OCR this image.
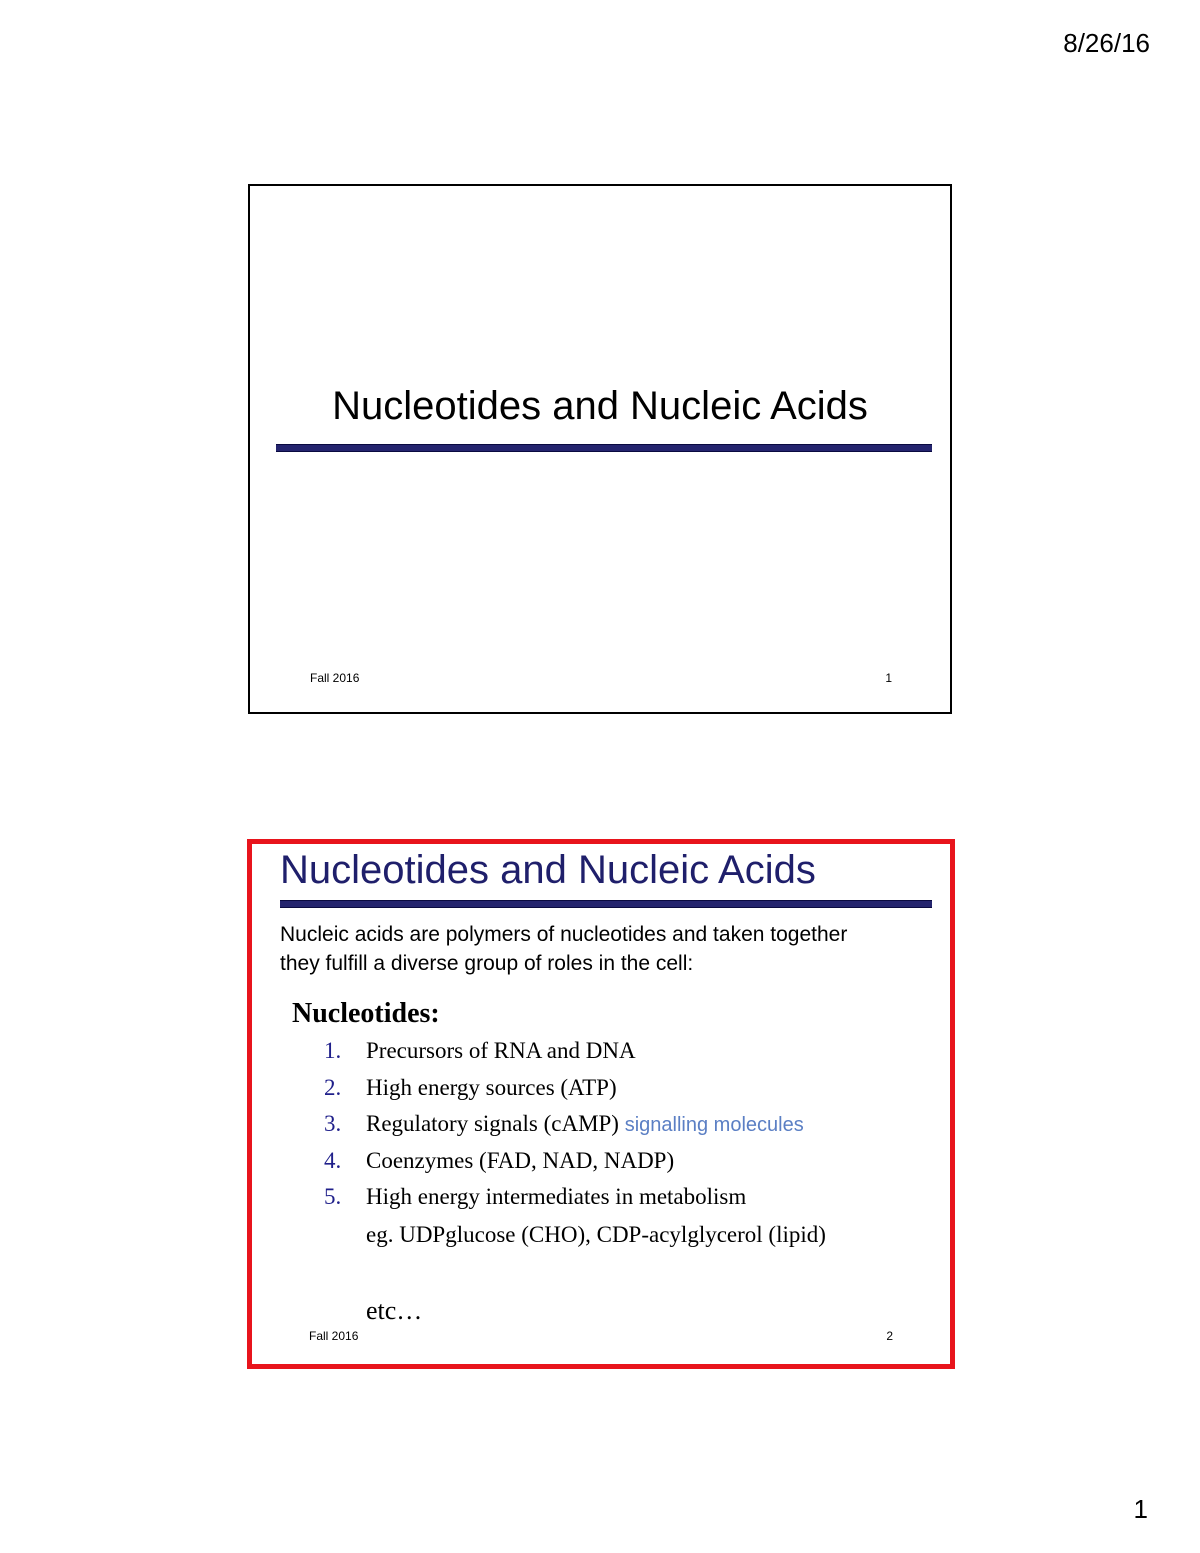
8/26/16
Nucleotides and Nucleic Acids
Fall 2016	1
Nucleotides and Nucleic Acids
Nucleic acids are polymers of nucleotides and taken together
they fulfill a diverse group of roles in the cell:
Nucleotides:
1. Precursors of RNA and DNA
2. High energy sources (ATP)
3. Regulatory signals (cAMP) signalling molecules
4. Coenzymes (FAD, NAD, NADP)
5. High energy intermediates in metabolism
eg. UDPglucose (CHO), CDP-acylglycerol (lipid)
etc…
Fall 2016	2
1
